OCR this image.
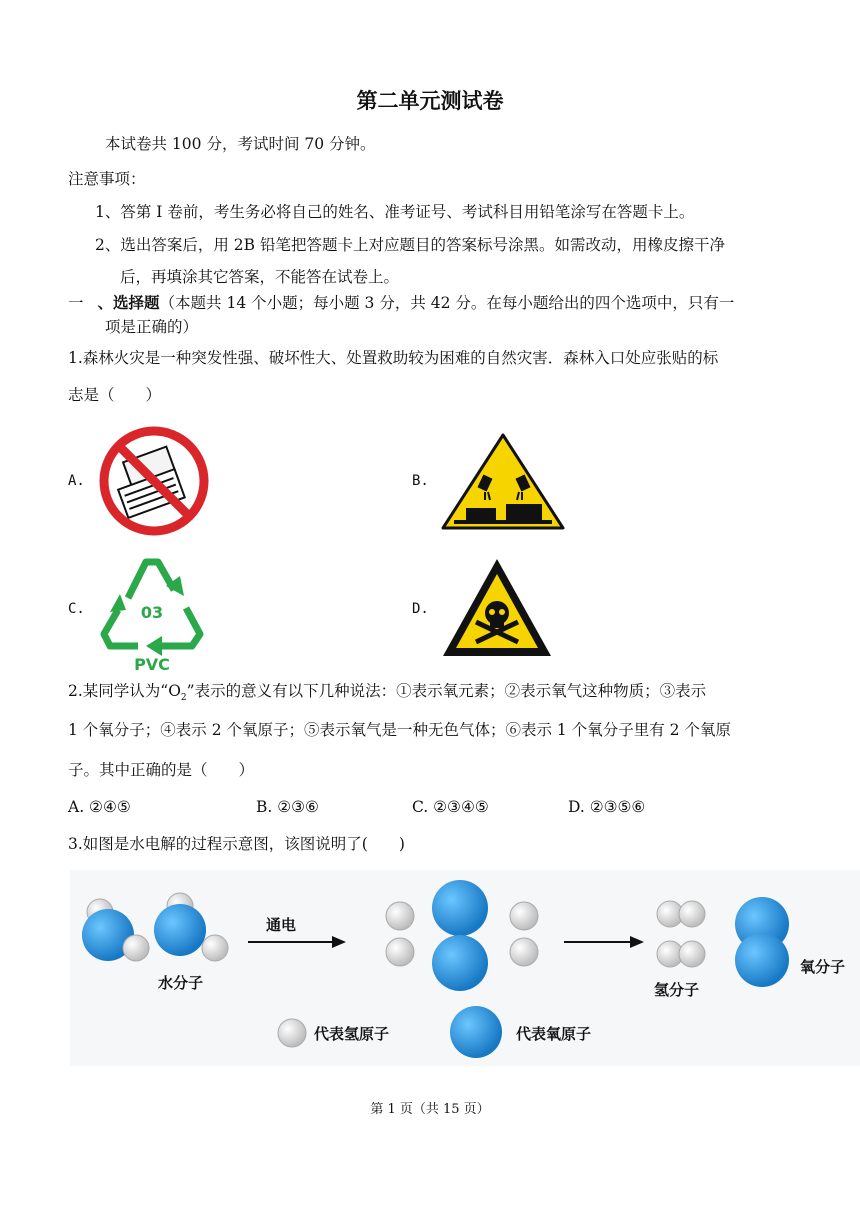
第二单元测试卷
本试卷共 100 分，考试时间 70 分钟。
注意事项：
1、答第 I 卷前，考生务必将自己的姓名、准考证号、考试科目用铅笔涂写在答题卡上。
2、选出答案后，用 2B 铅笔把答题卡上对应题目的答案标号涂黑。如需改动，用橡皮擦干净
后，再填涂其它答案，不能答在试卷上。
一 、选择题（本题共 14 个小题；每小题 3 分，共 42 分。在每小题给出的四个选项中，只有一
项是正确的）
1.森林火灾是一种突发性强、破坏性大、处置救助较为困难的自然灾害．森林入口处应张贴的标
志是（　　）
A.	B.
C.	D.
03
PVC
2.某同学认为“$O_2$”表示的意义有以下几种说法：①表示氧元素；②表示氧气这种物质；③表示
1 个氧分子；④表示 2 个氧原子；⑤表示氧气是一种无色气体；⑥表示 1 个氧分子里有 2 个氧原
子。其中正确的是（　　）
A. ②④⑤	B. ②③⑥	C. ②③④⑤	D. ②③⑤⑥
3.如图是水电解的过程示意图，该图说明了(　　)
水分子
通电
氢分子
氧分子
代表氢原子	代表氧原子
第 1 页（共 15 页）
